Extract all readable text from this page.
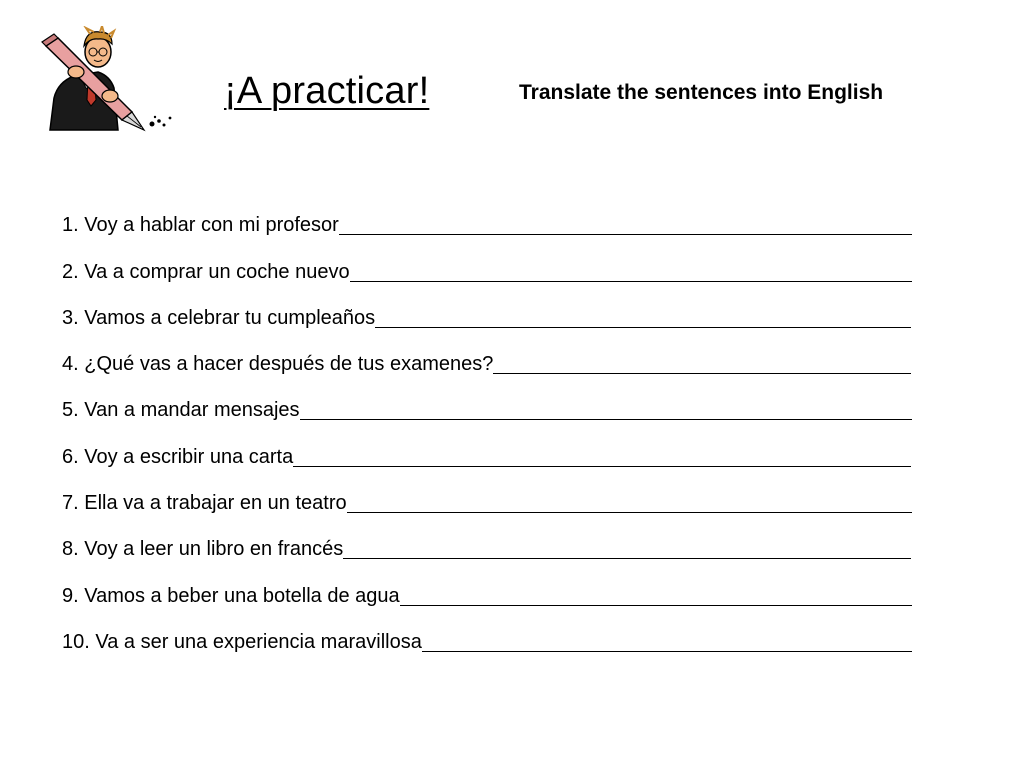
¡A practicar!	Translate the sentences into English
1. Voy a hablar con mi profesor
2. Va a comprar un coche nuevo
3. Vamos a celebrar tu cumpleaños
4. ¿Qué vas a hacer después de tus examenes?
5. Van a mandar mensajes
6. Voy a escribir una carta
7. Ella va a trabajar en un teatro
8. Voy a leer un libro en francés
9. Vamos a beber una botella de agua
10. Va a ser una experiencia maravillosa
